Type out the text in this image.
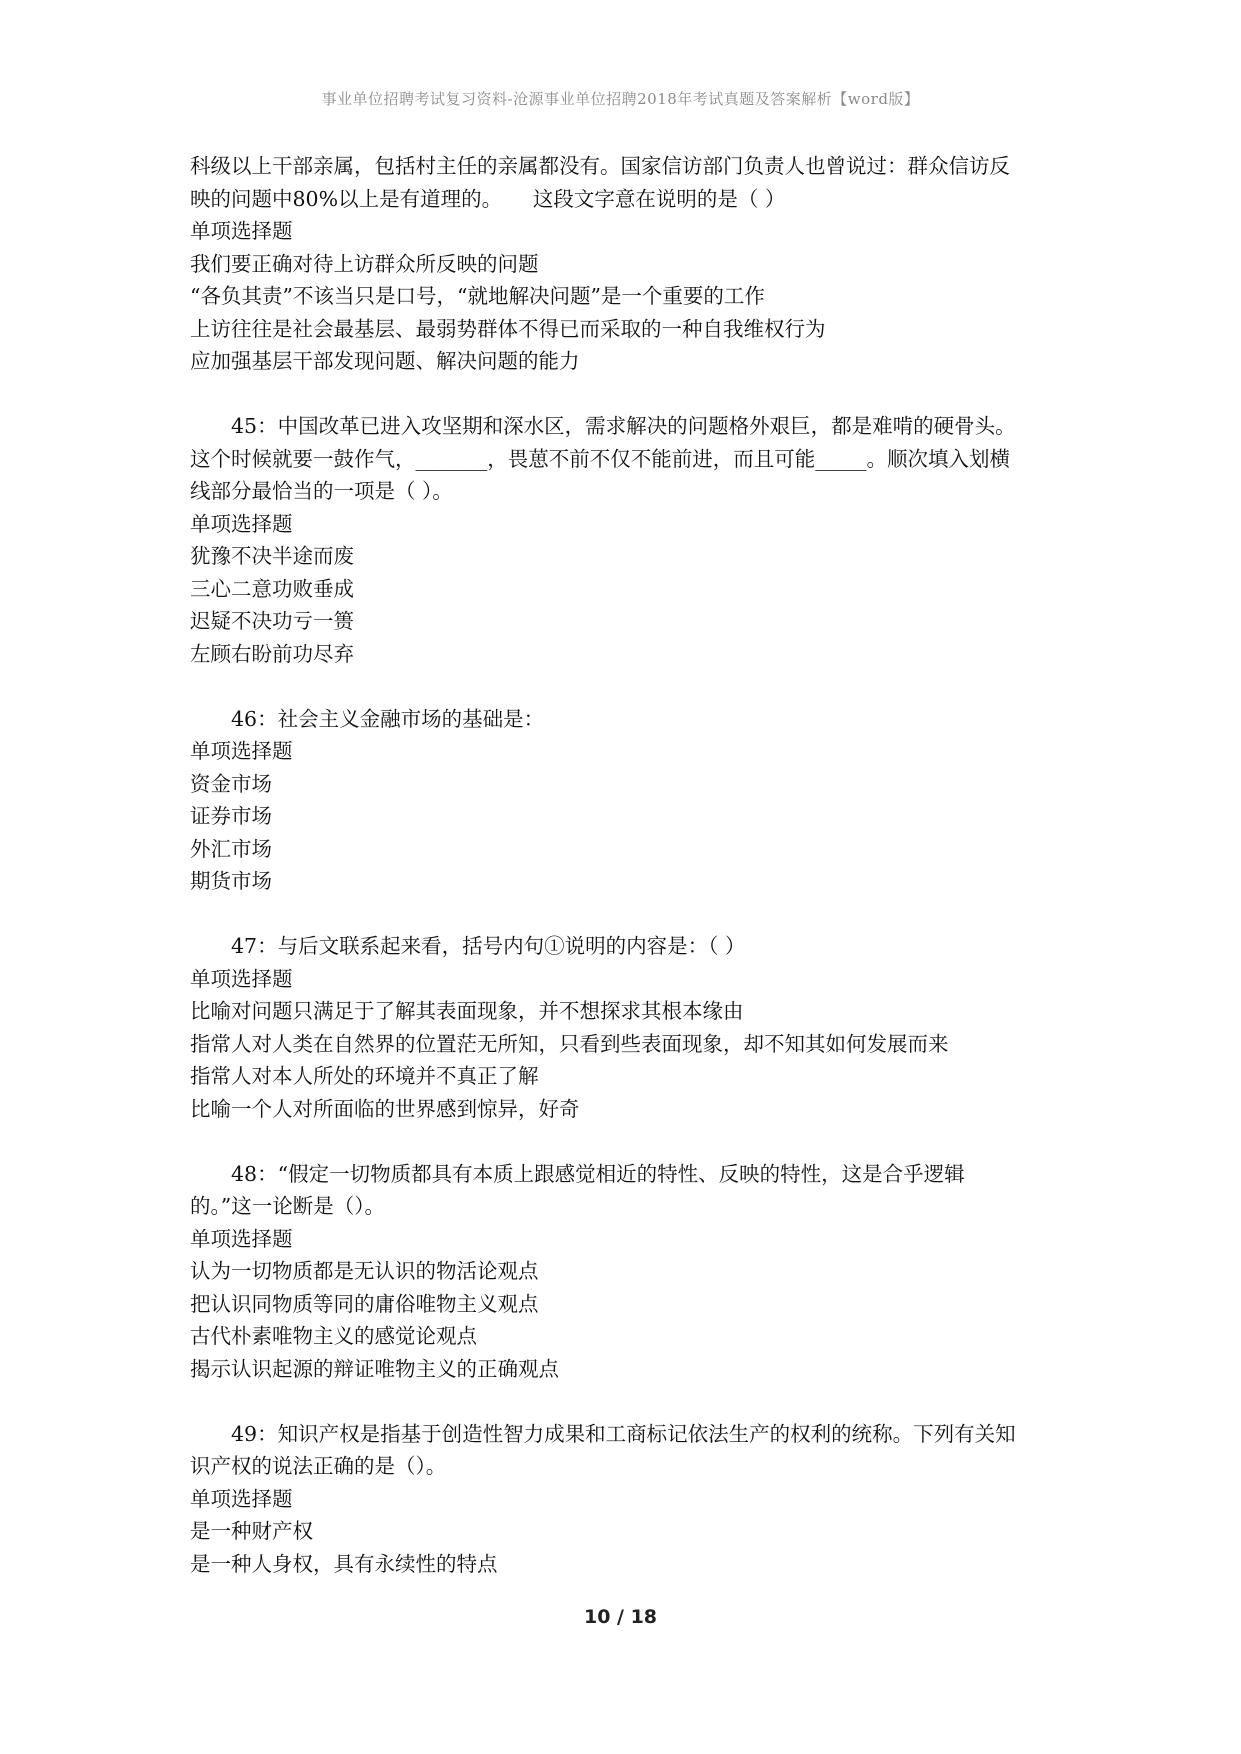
事业单位招聘考试复习资料-沧源事业单位招聘2018年考试真题及答案解析【word版】
科级以上干部亲属，包括村主任的亲属都没有。国家信访部门负责人也曾说过：群众信访反
映的问题中80%以上是有道理的。　　这段文字意在说明的是（ ）
单项选择题
我们要正确对待上访群众所反映的问题
“各负其责”不该当只是口号，“就地解决问题”是一个重要的工作
上访往往是社会最基层、最弱势群体不得已而采取的一种自我维权行为
应加强基层干部发现问题、解决问题的能力
45：中国改革已进入攻坚期和深水区，需求解决的问题格外艰巨，都是难啃的硬骨头。
这个时候就要一鼓作气，_______，畏葸不前不仅不能前进，而且可能_____。顺次填入划横
线部分最恰当的一项是（ ）。
单项选择题
犹豫不决半途而废
三心二意功败垂成
迟疑不决功亏一篑
左顾右盼前功尽弃
46：社会主义金融市场的基础是：
单项选择题
资金市场
证券市场
外汇市场
期货市场
47：与后文联系起来看，括号内句①说明的内容是：（ ）
单项选择题
比喻对问题只满足于了解其表面现象，并不想探求其根本缘由
指常人对人类在自然界的位置茫无所知，只看到些表面现象，却不知其如何发展而来
指常人对本人所处的环境并不真正了解
比喻一个人对所面临的世界感到惊异，好奇
48：“假定一切物质都具有本质上跟感觉相近的特性、反映的特性，这是合乎逻辑
的。”这一论断是（）。
单项选择题
认为一切物质都是无认识的物活论观点
把认识同物质等同的庸俗唯物主义观点
古代朴素唯物主义的感觉论观点
揭示认识起源的辩证唯物主义的正确观点
49：知识产权是指基于创造性智力成果和工商标记依法生产的权利的统称。下列有关知
识产权的说法正确的是（）。
单项选择题
是一种财产权
是一种人身权，具有永续性的特点
10 / 18
